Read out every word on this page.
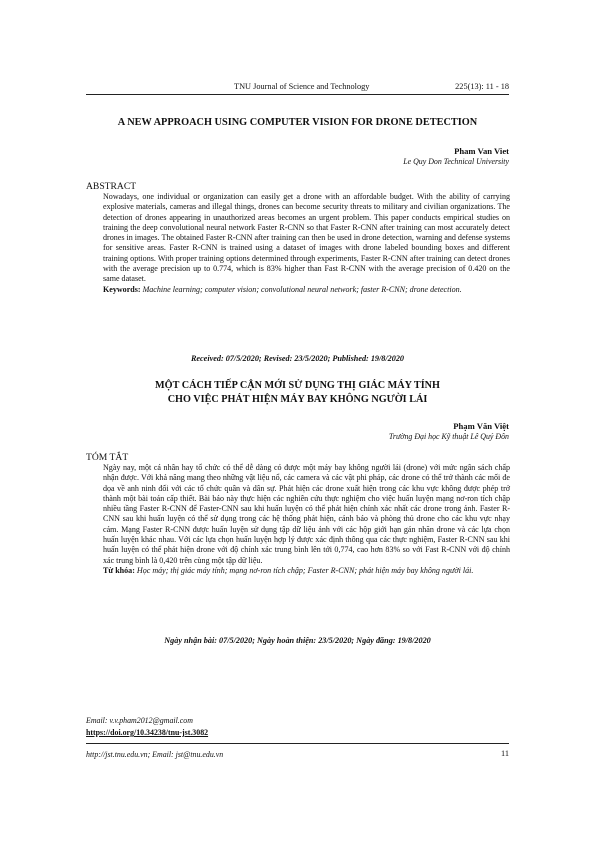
TNU Journal of Science and Technology	225(13): 11 - 18
A NEW APPROACH USING COMPUTER VISION FOR DRONE DETECTION
Pham Van Viet
Le Quy Don Technical University
ABSTRACT

Nowadays, one individual or organization can easily get a drone with an affordable budget. With the ability of carrying explosive materials, cameras and illegal things, drones can become security threats to military and civilian organizations. The detection of drones appearing in unauthorized areas becomes an urgent problem. This paper conducts empirical studies on training the deep convolutional neural network Faster R-CNN so that Faster R-CNN after training can most accurately detect drones in images. The obtained Faster R-CNN after training can then be used in drone detection, warning and defense systems for sensitive areas. Faster R-CNN is trained using a dataset of images with drone labeled bounding boxes and different training options. With proper training options determined through experiments, Faster R-CNN after training can detect drones with the average precision up to 0.774, which is 83% higher than Fast R-CNN with the average precision of 0.420 on the same dataset.

Keywords: Machine learning; computer vision; convolutional neural network; faster R-CNN; drone detection.

Received: 07/5/2020; Revised: 23/5/2020; Published: 19/8/2020
MỘT CÁCH TIẾP CẬN MỚI SỬ DỤNG THỊ GIÁC MÁY TÍNH
CHO VIỆC PHÁT HIỆN MÁY BAY KHÔNG NGƯỜI LÁI
Phạm Văn Việt
Trường Đại học Kỹ thuật Lê Quý Đôn
TÓM TẮT

Ngày nay, một cá nhân hay tổ chức có thể dễ dàng có được một máy bay không người lái (drone) với mức ngân sách chấp nhận được. Với khả năng mang theo những vật liệu nổ, các camera và các vật phi pháp, các drone có thể trở thành các mối đe dọa về anh ninh đối với các tổ chức quân và dân sự. Phát hiện các drone xuất hiện trong các khu vực không được phép trở thành một bài toán cấp thiết. Bài báo này thực hiện các nghiên cứu thực nghiệm cho việc huấn luyện mạng nơ-ron tích chập nhiều tầng Faster R-CNN để Faster-CNN sau khi huấn luyện có thể phát hiện chính xác nhất các drone trong ảnh. Faster R-CNN sau khi huấn luyện có thể sử dụng trong các hệ thống phát hiện, cảnh báo và phòng thủ drone cho các khu vực nhạy cảm. Mạng Faster R-CNN được huấn luyện sử dụng tập dữ liệu ảnh với các hộp giới hạn gán nhãn drone và các lựa chọn huấn luyện khác nhau. Với các lựa chọn huấn luyện hợp lý được xác định thông qua các thực nghiệm, Faster R-CNN sau khi huấn luyện có thể phát hiện drone với độ chính xác trung bình lên tới 0,774, cao hơn 83% so với Fast R-CNN với độ chính xác trung bình là 0,420 trên cùng một tập dữ liệu.

Từ khóa: Học máy; thị giác máy tính; mạng nơ-ron tích chập; Faster R-CNN; phát hiện máy bay không người lái.

Ngày nhận bài: 07/5/2020; Ngày hoàn thiện: 23/5/2020; Ngày đăng: 19/8/2020
Email: v.v.pham2012@gmail.com
https://doi.org/10.34238/tnu-jst.3082
http://jst.tnu.edu.vn; Email: jst@tnu.edu.vn	11
